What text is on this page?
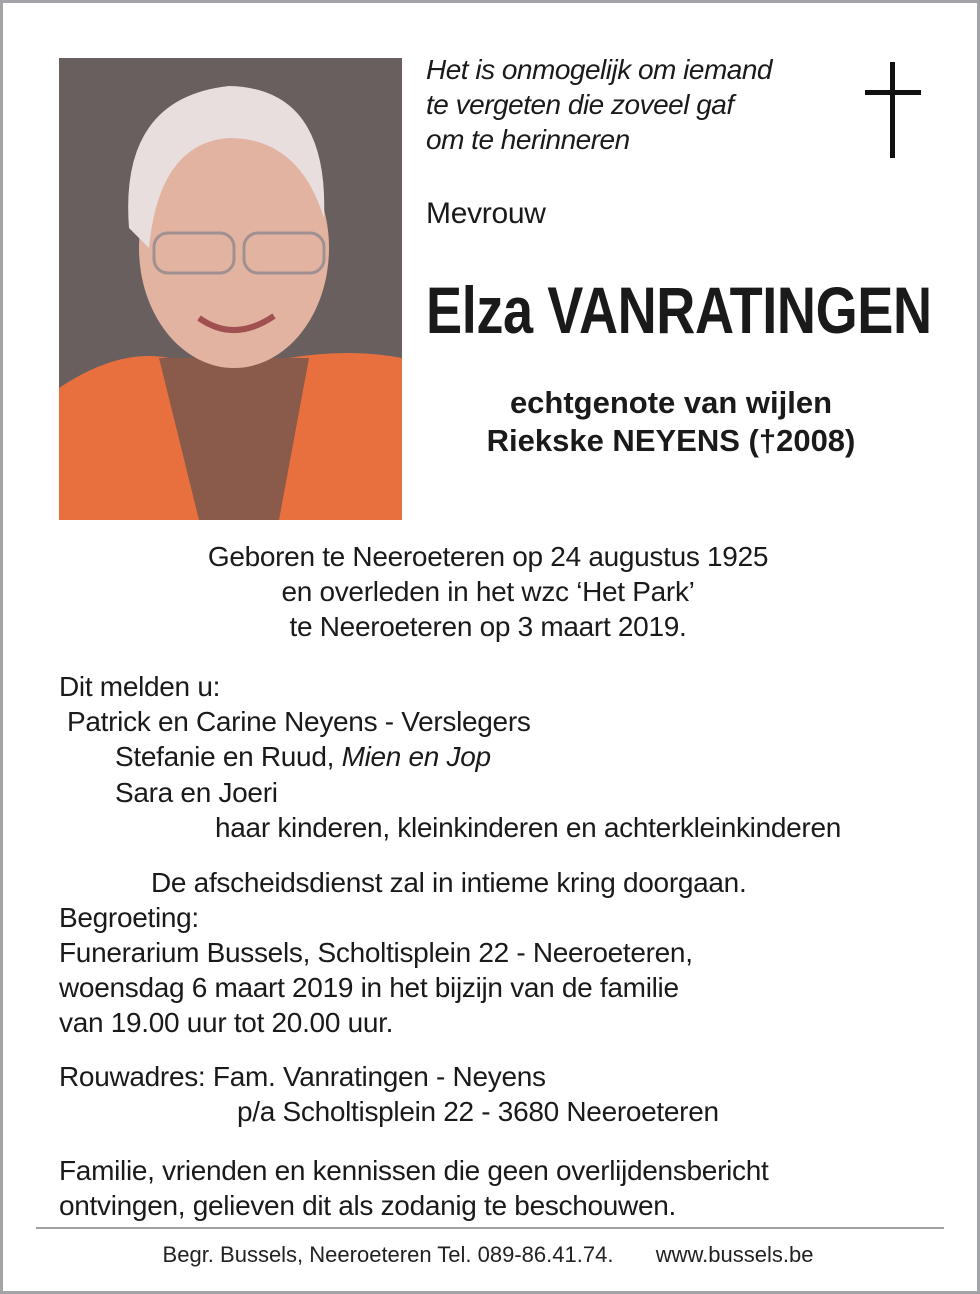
Het is onmogelijk om iemand
te vergeten die zoveel gaf
om te herinneren
Mevrouw
Elza VANRATINGEN
echtgenote van wijlen
Riekske NEYENS (†2008)
Geboren te Neeroeteren op 24 augustus 1925
en overleden in het wzc ‘Het Park’
te Neeroeteren op 3 maart 2019.
Dit melden u:
Patrick en Carine Neyens - Verslegers
Stefanie en Ruud, Mien en Jop
Sara en Joeri
haar kinderen, kleinkinderen en achterkleinkinderen
De afscheidsdienst zal in intieme kring doorgaan.
Begroeting:
Funerarium Bussels, Scholtisplein 22 - Neeroeteren,
woensdag 6 maart 2019 in het bijzijn van de familie
van 19.00 uur tot 20.00 uur.
Rouwadres: Fam. Vanratingen - Neyens
p/a Scholtisplein 22 - 3680 Neeroeteren
Familie, vrienden en kennissen die geen overlijdensbericht
ontvingen, gelieven dit als zodanig te beschouwen.
Begr. Bussels, Neeroeteren Tel. 089-86.41.74. www.bussels.be
